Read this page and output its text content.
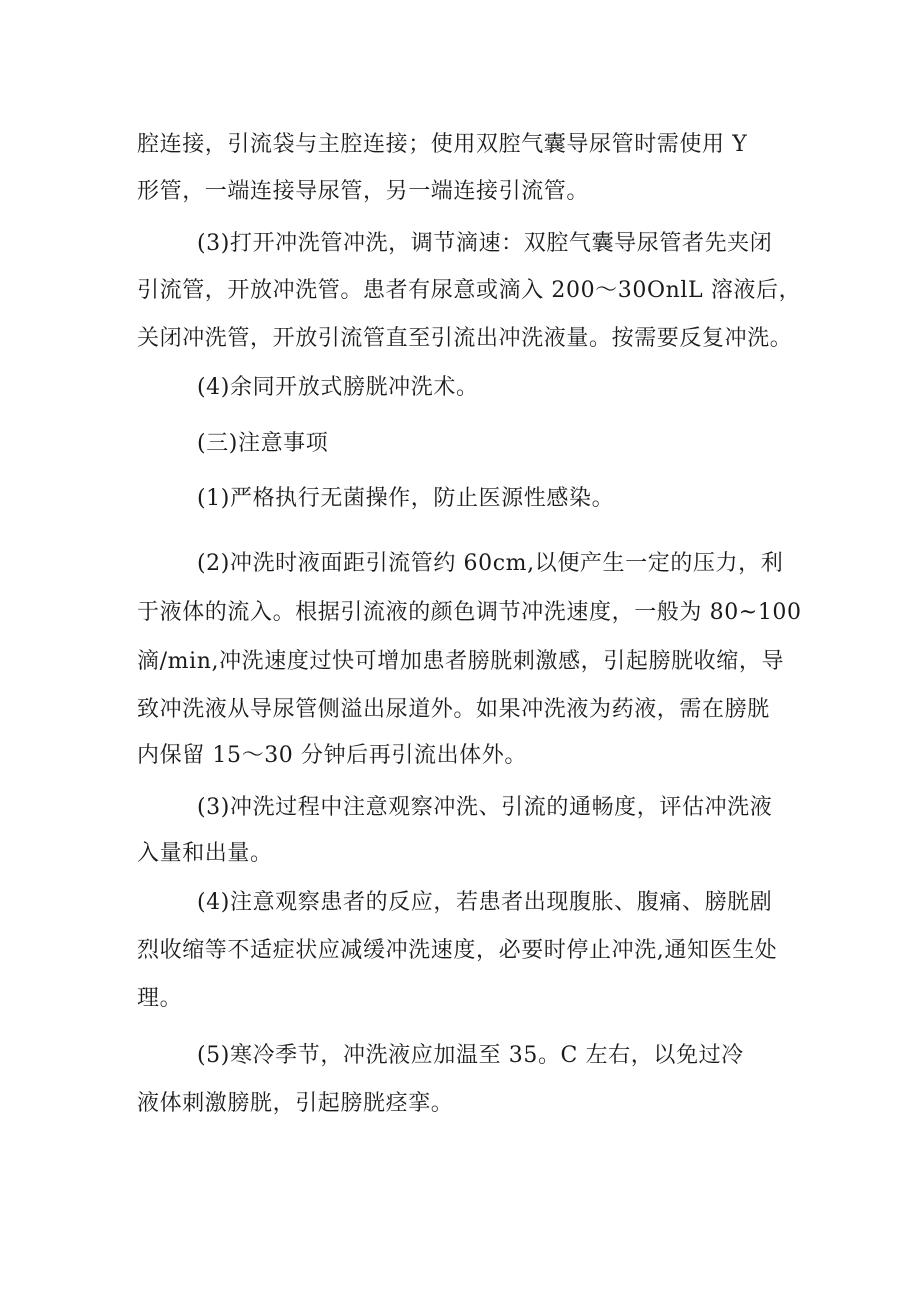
腔连接，引流袋与主腔连接；使用双腔气囊导尿管时需使用 Y
形管，一端连接导尿管，另一端连接引流管。
(3)打开冲洗管冲洗，调节滴速：双腔气囊导尿管者先夹闭
引流管，开放冲洗管。患者有尿意或滴入 200～30OnlL 溶液后，
关闭冲洗管，开放引流管直至引流出冲洗液量。按需要反复冲洗。
(4)余同开放式膀胱冲洗术。
(三)注意事项
(1)严格执行无菌操作，防止医源性感染。
(2)冲洗时液面距引流管约 60cm,以便产生一定的压力，利
于液体的流入。根据引流液的颜色调节冲洗速度，一般为 80~100
滴/min,冲洗速度过快可增加患者膀胱刺激感，引起膀胱收缩，导
致冲洗液从导尿管侧溢出尿道外。如果冲洗液为药液，需在膀胱
内保留 15～30 分钟后再引流出体外。
(3)冲洗过程中注意观察冲洗、引流的通畅度，评估冲洗液
入量和出量。
(4)注意观察患者的反应，若患者出现腹胀、腹痛、膀胱剧
烈收缩等不适症状应减缓冲洗速度，必要时停止冲洗,通知医生处
理。
(5)寒冷季节，冲洗液应加温至 35。C 左右，以免过冷
液体刺激膀胱，引起膀胱痉挛。
